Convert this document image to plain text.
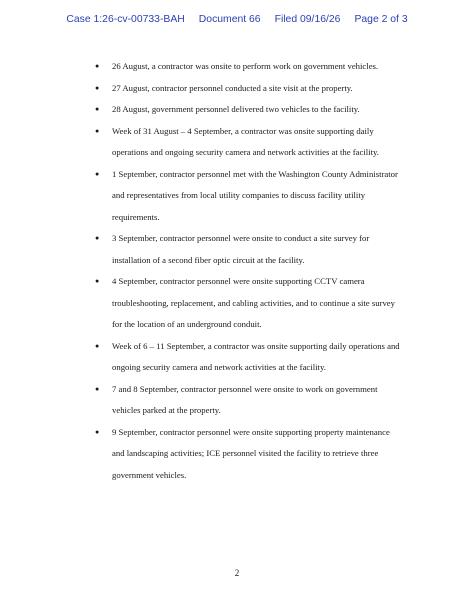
Case 1:26-cv-00733-BAH Document 66 Filed 09/16/26 Page 2 of 3
● 26 August, a contractor was onsite to perform work on government vehicles.
● 27 August, contractor personnel conducted a site visit at the property.
● 28 August, government personnel delivered two vehicles to the facility.
● Week of 31 August – 4 September, a contractor was onsite supporting daily operations and ongoing security camera and network activities at the facility.
● 1 September, contractor personnel met with the Washington County Administrator and representatives from local utility companies to discuss facility utility requirements.
● 3 September, contractor personnel were onsite to conduct a site survey for installation of a second fiber optic circuit at the facility.
● 4 September, contractor personnel were onsite supporting CCTV camera troubleshooting, replacement, and cabling activities, and to continue a site survey for the location of an underground conduit.
● Week of 6 – 11 September, a contractor was onsite supporting daily operations and ongoing security camera and network activities at the facility.
● 7 and 8 September, contractor personnel were onsite to work on government vehicles parked at the property.
● 9 September, contractor personnel were onsite supporting property maintenance and landscaping activities; ICE personnel visited the facility to retrieve three government vehicles.
2
